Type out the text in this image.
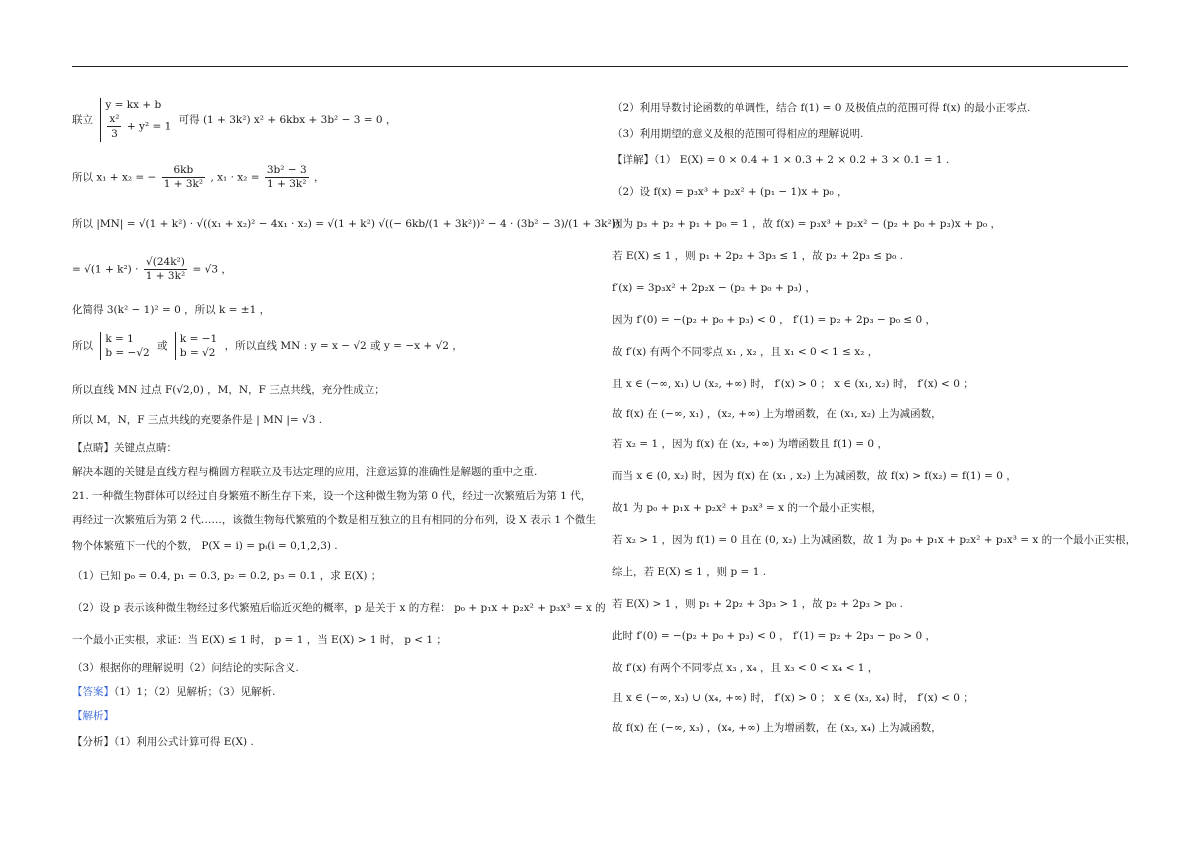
联立
y = kx + b
$\frac{\text{x²}}{3} + y^2 = 1$
可得 (1 + 3k²) x² + 6kbx + 3b² − 3 = 0 ，
所以 x₁ + x₂ = − $\frac{6kb}{\text{1 + 3k²}}$ , $x_1 \cdot x_2 = \frac{\text{3b² − 3}}{\text{1 + 3k²}}$ ，
所以 |MN| = √(1 + k²) · √((x₁ + x₂)² − 4x₁ · x₂) = √(1 + k²) √((− 6kb/(1 + 3k²))² − 4 · (3b² − 3)/(1 + 3k²))
= $√(1 + k^2) \cdot \frac{\text{√(24k²)}}{\text{1 + 3k²}} = √3$ ，
化简得 3(k² − 1)² = 0 ，所以 k = ±1 ，
所以
k = 1
b = −√2
或
k = −1
b = √2
，所以直线 MN : y = x − √2 或 y = −x + √2 ，
所以直线 MN 过点 F(√2,0) ，M，N，F 三点共线，充分性成立；
所以 M，N，F 三点共线的充要条件是 | MN |= √3 .
【点睛】关键点点睛：
解决本题的关键是直线方程与椭圆方程联立及韦达定理的应用，注意运算的准确性是解题的重中之重.
21. 一种微生物群体可以经过自身繁殖不断生存下来，设一个这种微生物为第 0 代，经过一次繁殖后为第 1 代，
再经过一次繁殖后为第 2 代……，该微生物每代繁殖的个数是相互独立的且有相同的分布列，设 X 表示 1 个微生
物个体繁殖下一代的个数， P(X = i) = pᵢ(i = 0,1,2,3) .
（1）已知 p₀ = 0.4, p₁ = 0.3, p₂ = 0.2, p₃ = 0.1 ，求 E(X) ；
（2）设 p 表示该种微生物经过多代繁殖后临近灭绝的概率，p 是关于 x 的方程： p₀ + p₁x + p₂x² + p₃x³ = x 的
一个最小正实根，求证：当 E(X) ≤ 1 时， p = 1 ，当 E(X) > 1 时， p < 1 ；
（3）根据你的理解说明（2）问结论的实际含义.
【答案】（1）1；（2）见解析；（3）见解析.
【解析】
【分析】（1）利用公式计算可得 E(X) .
（2）利用导数讨论函数的单调性，结合 f(1) = 0 及极值点的范围可得 f(x) 的最小正零点.
（3）利用期望的意义及根的范围可得相应的理解说明.
【详解】（1） E(X) = 0 × 0.4 + 1 × 0.3 + 2 × 0.2 + 3 × 0.1 = 1 .
（2）设 f(x) = p₃x³ + p₂x² + (p₁ − 1)x + p₀ ，
因为 p₃ + p₂ + p₁ + p₀ = 1 ，故 f(x) = p₃x³ + p₂x² − (p₂ + p₀ + p₃)x + p₀ ，
若 E(X) ≤ 1 ，则 p₁ + 2p₂ + 3p₃ ≤ 1 ，故 p₂ + 2p₃ ≤ p₀ .
f′(x) = 3p₃x² + 2p₂x − (p₂ + p₀ + p₃) ，
因为 f′(0) = −(p₂ + p₀ + p₃) < 0 ， f′(1) = p₂ + 2p₃ − p₀ ≤ 0 ，
故 f′(x) 有两个不同零点 x₁ , x₂ ，且 x₁ < 0 < 1 ≤ x₂ ，
且 x ∈ (−∞, x₁) ∪ (x₂, +∞) 时， f′(x) > 0 ； x ∈ (x₁, x₂) 时， f′(x) < 0 ；
故 f(x) 在 (−∞, x₁) ，(x₂, +∞) 上为增函数，在 (x₁, x₂) 上为减函数，
若 x₂ = 1 ，因为 f(x) 在 (x₂, +∞) 为增函数且 f(1) = 0 ，
而当 x ∈ (0, x₂) 时，因为 f(x) 在 (x₁ , x₂) 上为减函数，故 f(x) > f(x₂) = f(1) = 0 ，
故1 为 p₀ + p₁x + p₂x² + p₃x³ = x 的一个最小正实根，
若 x₂ > 1 ，因为 f(1) = 0 且在 (0, x₂) 上为减函数，故 1 为 p₀ + p₁x + p₂x² + p₃x³ = x 的一个最小正实根，
综上，若 E(X) ≤ 1 ，则 p = 1 .
若 E(X) > 1 ，则 p₁ + 2p₂ + 3p₃ > 1 ，故 p₂ + 2p₃ > p₀ .
此时 f′(0) = −(p₂ + p₀ + p₃) < 0 ， f′(1) = p₂ + 2p₃ − p₀ > 0 ，
故 f′(x) 有两个不同零点 x₃ , x₄ ，且 x₃ < 0 < x₄ < 1 ，
且 x ∈ (−∞, x₃) ∪ (x₄, +∞) 时， f′(x) > 0 ； x ∈ (x₃, x₄) 时， f′(x) < 0 ；
故 f(x) 在 (−∞, x₃) ，(x₄, +∞) 上为增函数，在 (x₃, x₄) 上为减函数，
